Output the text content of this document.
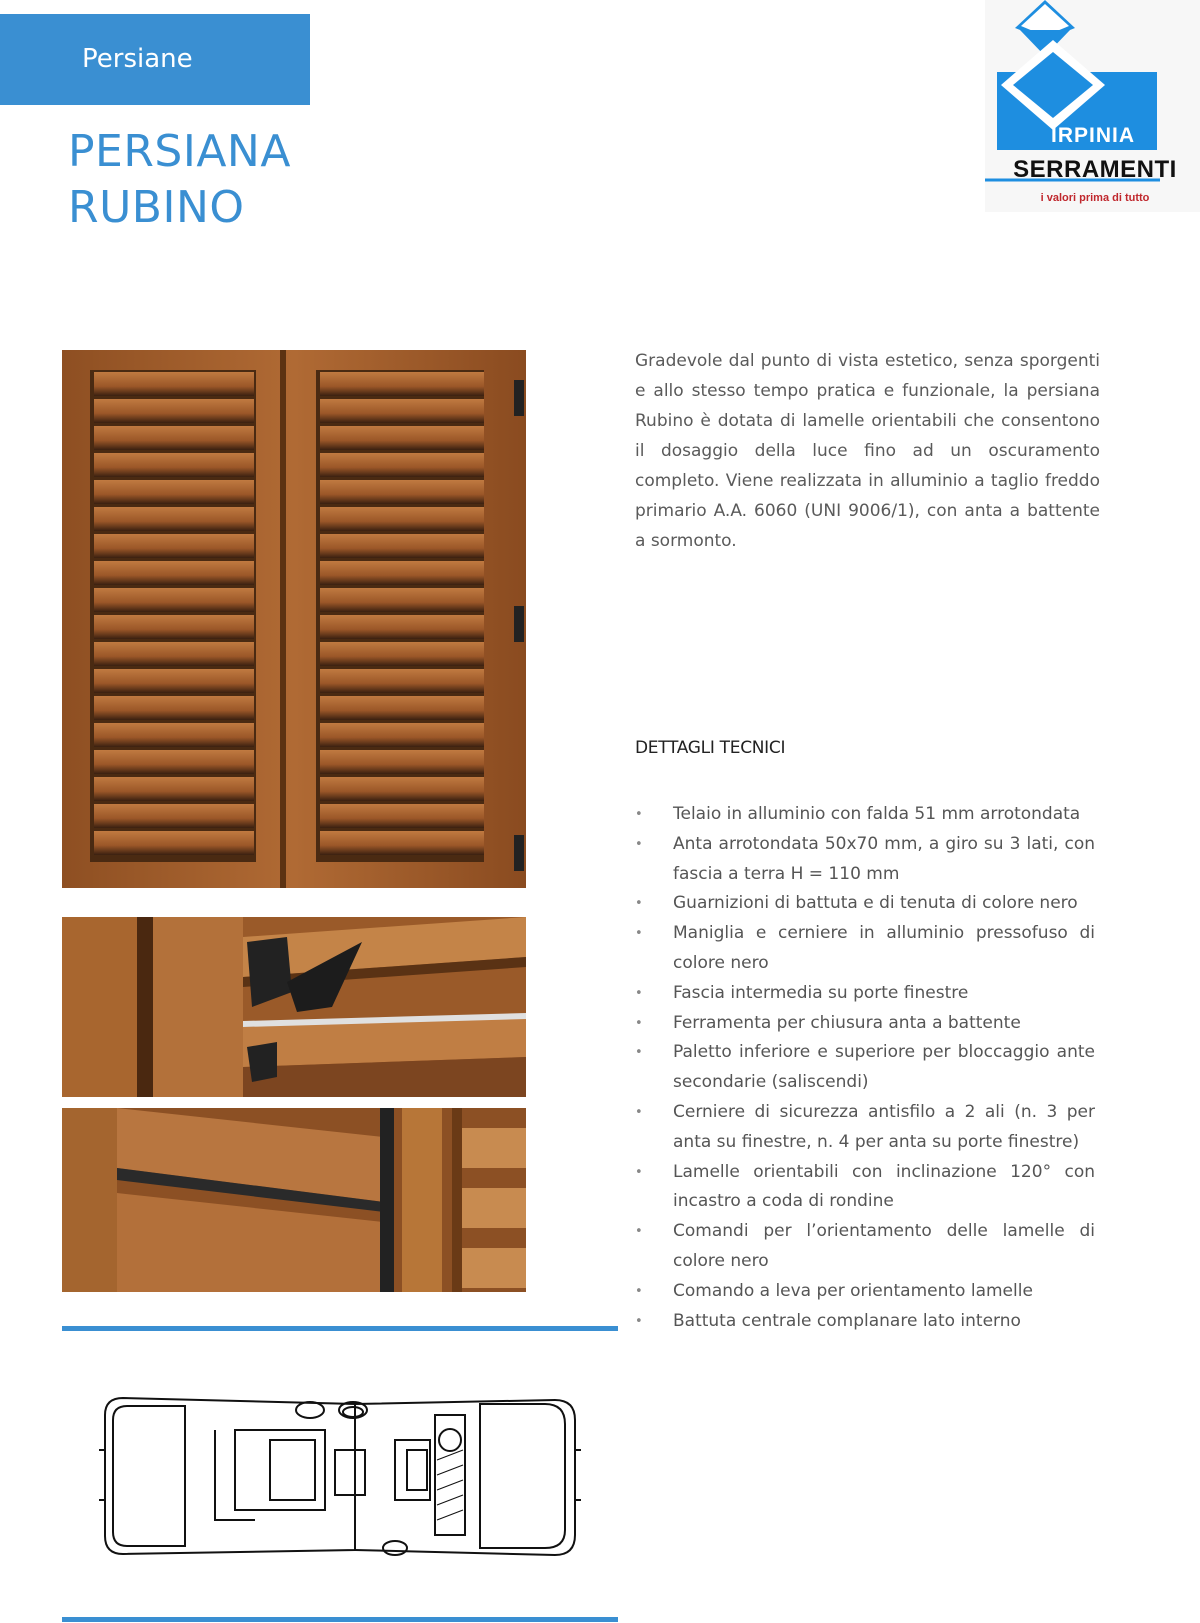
Persiane
PERSIANA
RUBINO
IRPINIA
SERRAMENTI
i valori prima di tutto
Gradevole dal punto di vista estetico, senza sporgenti e allo stesso tempo pratica e funzionale, la persiana Rubino è dotata di lamelle orientabili che consentono il dosaggio della luce fino ad un oscuramento completo. Viene realizzata in alluminio a taglio freddo primario A.A. 6060 (UNI 9006/1), con anta a battente a sormonto.
DETTAGLI TECNICI
• Telaio in alluminio con falda 51 mm arrotondata
• Anta arrotondata 50x70 mm, a giro su 3 lati, con fascia a terra H = 110 mm
• Guarnizioni di battuta e di tenuta di colore nero
• Maniglia e cerniere in alluminio pressofuso di colore nero
• Fascia intermedia su porte finestre
• Ferramenta per chiusura anta a battente
• Paletto inferiore e superiore per bloccaggio ante secondarie (saliscendi)
• Cerniere di sicurezza antisfilo a 2 ali (n. 3 per anta su finestre, n. 4 per anta su porte finestre)
• Lamelle orientabili con inclinazione 120° con incastro a coda di rondine
• Comandi per l’orientamento delle lamelle di colore nero
• Comando a leva per orientamento lamelle
• Battuta centrale complanare lato interno
